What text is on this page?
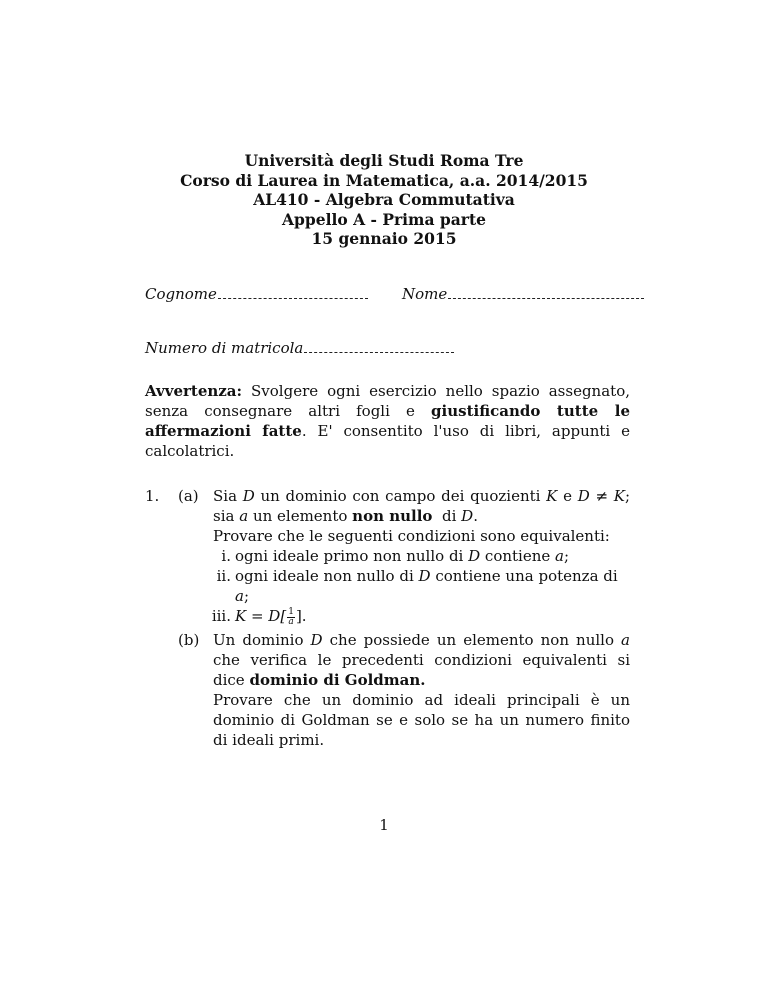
Università degli Studi Roma Tre
Corso di Laurea in Matematica, a.a. 2014/2015
AL410 - Algebra Commutativa
Appello A - Prima parte
15 gennaio 2015
Cognome	Nome
Numero di matricola
Avvertenza: Svolgere ogni esercizio nello spazio assegnato, senza consegnare altri fogli e giustificando tutte le affermazioni fatte. E' consentito l'uso di libri, appunti e calcolatrici.
1. (a) Sia D un dominio con campo dei quozienti K e D ≠ K; sia a un elemento non nullo  di D.

Provare che le seguenti condizioni sono equivalenti:

i. ogni ideale primo non nullo di D contiene a;
ii. ogni ideale non nullo di D contiene una potenza di a;
iii. $K = D[ \frac{1}{a}$ ].
(b) Un dominio D che possiede un elemento non nullo a che verifica le precedenti condizioni equivalenti si dice dominio di Goldman.

Provare che un dominio ad ideali principali è un dominio di Goldman se e solo se ha un numero finito di ideali primi.

1
